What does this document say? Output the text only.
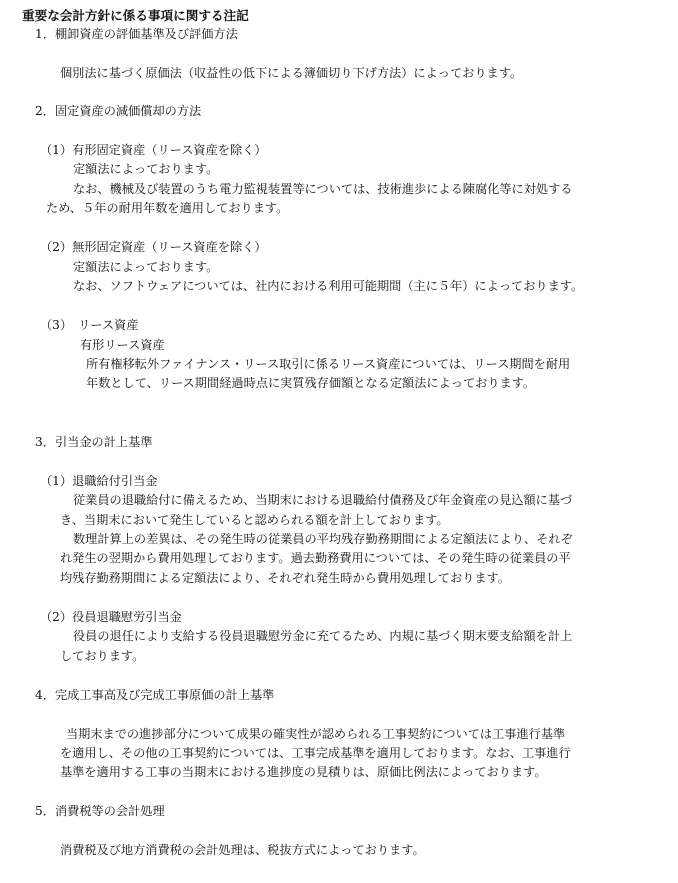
重要な会計方針に係る事項に関する注記
1．棚卸資産の評価基準及び評価方法
個別法に基づく原価法（収益性の低下による簿価切り下げ方法）によっております。
2．固定資産の減価償却の方法
（1）有形固定資産（リース資産を除く）
定額法によっております。
なお、機械及び装置のうち電力監視装置等については、技術進歩による陳腐化等に対処する
ため、５年の耐用年数を適用しております。
（2）無形固定資産（リース資産を除く）
定額法によっております。
なお、ソフトウェアについては、社内における利用可能期間（主に５年）によっております。
（3）　リース資産
有形リース資産
所有権移転外ファイナンス・リース取引に係るリース資産については、リース期間を耐用
年数として、リース期間経過時点に実質残存価額となる定額法によっております。
3．引当金の計上基準
（1）退職給付引当金
従業員の退職給付に備えるため、当期末における退職給付債務及び年金資産の見込額に基づ
き、当期末において発生していると認められる額を計上しております。
数理計算上の差異は、その発生時の従業員の平均残存勤務期間による定額法により、それぞ
れ発生の翌期から費用処理しております。過去勤務費用については、その発生時の従業員の平
均残存勤務期間による定額法により、それぞれ発生時から費用処理しております。
（2）役員退職慰労引当金
役員の退任により支給する役員退職慰労金に充てるため、内規に基づく期末要支給額を計上
しております。
4．完成工事高及び完成工事原価の計上基準
当期末までの進捗部分について成果の確実性が認められる工事契約については工事進行基準
を適用し、その他の工事契約については、工事完成基準を適用しております。なお、工事進行
基準を適用する工事の当期末における進捗度の見積りは、原価比例法によっております。
5．消費税等の会計処理
消費税及び地方消費税の会計処理は、税抜方式によっております。
